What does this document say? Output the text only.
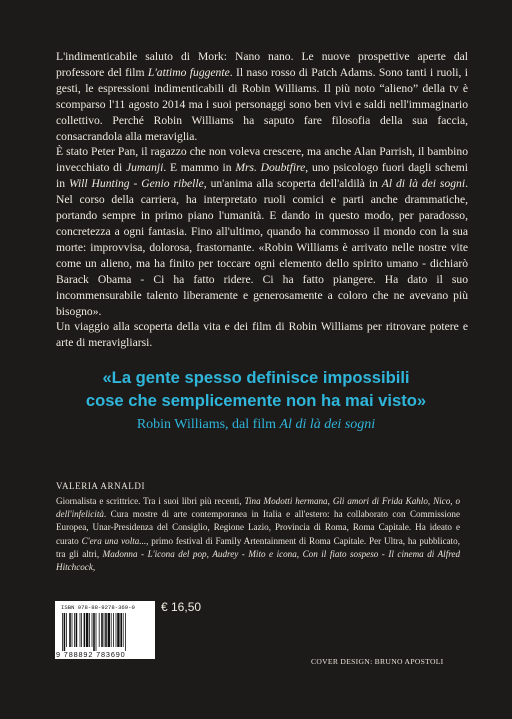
L'indimenticabile saluto di Mork: Nano nano. Le nuove prospettive aperte dal professore del film L'attimo fuggente. Il naso rosso di Patch Adams. Sono tanti i ruoli, i gesti, le espressioni indimenticabili di Robin Williams. Il più noto “alieno” della tv è scomparso l'11 agosto 2014 ma i suoi personaggi sono ben vivi e saldi nell'immaginario collettivo. Perché Robin Williams ha saputo fare filosofia della sua faccia, consacrandola alla meraviglia.

È stato Peter Pan, il ragazzo che non voleva crescere, ma anche Alan Parrish, il bambino invecchiato di Jumanji. E mammo in Mrs. Doubtfire, uno psicologo fuori dagli schemi in Will Hunting - Genio ribelle, un'anima alla scoperta dell'aldilà in Al di là dei sogni. Nel corso della carriera, ha interpretato ruoli comici e parti anche drammatiche, portando sempre in primo piano l'umanità. E dando in questo modo, per paradosso, concretezza a ogni fantasia. Fino all'ultimo, quando ha commosso il mondo con la sua morte: improvvisa, dolorosa, frastornante. «Robin Williams è arrivato nelle nostre vite come un alieno, ma ha finito per toccare ogni elemento dello spirito umano - dichiarò Barack Obama - Ci ha fatto ridere. Ci ha fatto piangere. Ha dato il suo incommensurabile talento liberamente e generosamente a coloro che ne avevano più bisogno».

Un viaggio alla scoperta della vita e dei film di Robin Williams per ritrovare potere e arte di meravigliarsi.

«La gente spesso definisce impossibili
cose che semplicemente non ha mai visto»
Robin Williams, dal film Al di là dei sogni
VALERIA ARNALDI

Giornalista e scrittrice. Tra i suoi libri più recenti, Tina Modotti hermana, Gli amori di Frida Kahlo, Nico, o dell'infelicità. Cura mostre di arte contemporanea in Italia e all'estero: ha collaborato con Commissione Europea, Unar-Presidenza del Consiglio, Regione Lazio, Provincia di Roma, Roma Capitale. Ha ideato e curato C'era una volta..., primo festival di Family Artentainment di Roma Capitale. Per Ultra, ha pubblicato, tra gli altri, Madonna - L'icona del pop, Audrey - Mito e icona, Con il fiato sospeso - Il cinema di Alfred Hitchcock,

ISBN 978-88-9278-369-0
9 788892 783690
€ 16,50
COVER DESIGN: BRUNO APOSTOLI
